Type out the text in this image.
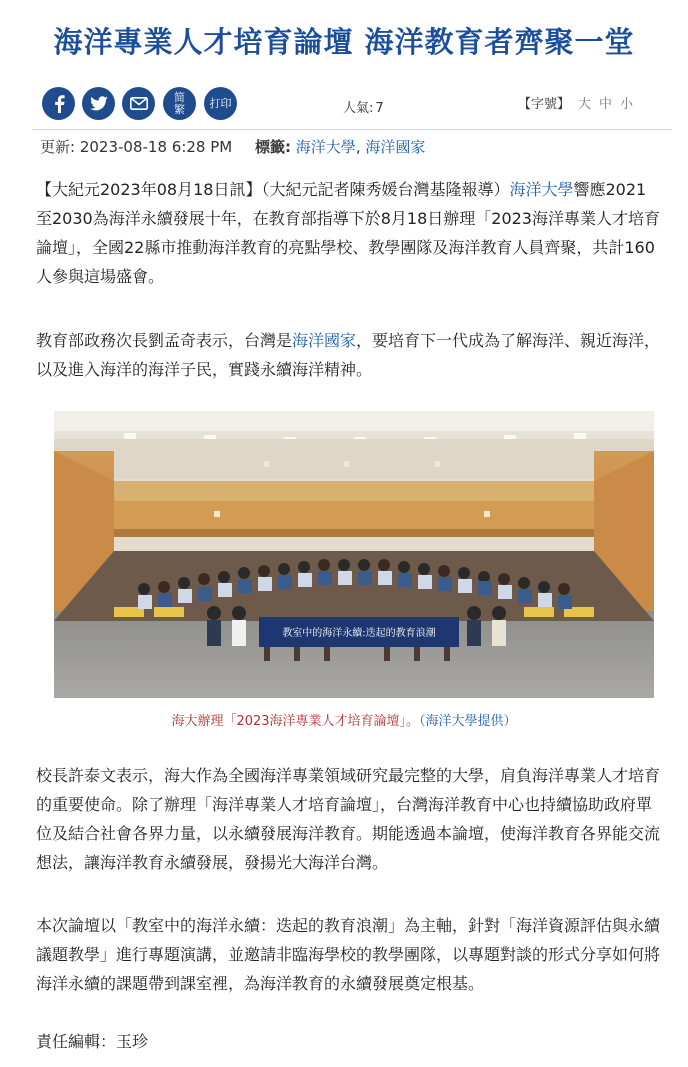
海洋專業人才培育論壇 海洋教育者齊聚一堂
简
繁 打印	人氣: 7	【字號】 大 中 小
更新: 2023-08-18 6:28 PM 標籤: 海洋大學, 海洋國家

【大紀元2023年08月18日訊】（大紀元記者陳秀媛台灣基隆報導）海洋大學響應2021至2030為海洋永續發展十年，在教育部指導下於8月18日辦理「2023海洋專業人才培育論壇」，全國22縣市推動海洋教育的亮點學校、教學團隊及海洋教育人員齊聚，共計160人參與這場盛會。

教育部政務次長劉孟奇表示，台灣是海洋國家，要培育下一代成為了解海洋、親近海洋，以及進入海洋的海洋子民，實踐永續海洋精神。

教室中的海洋永續:迭起的教育浪潮
海大辦理「2023海洋專業人才培育論壇」。（海洋大學提供）

校長許泰文表示，海大作為全國海洋專業領域研究最完整的大學，肩負海洋專業人才培育的重要使命。除了辦理「海洋專業人才培育論壇」，台灣海洋教育中心也持續協助政府單位及結合社會各界力量，以永續發展海洋教育。期能透過本論壇，使海洋教育各界能交流想法，讓海洋教育永續發展，發揚光大海洋台灣。

本次論壇以「教室中的海洋永續：迭起的教育浪潮」為主軸，針對「海洋資源評估與永續議題教學」進行專題演講，並邀請非臨海學校的教學團隊，以專題對談的形式分享如何將海洋永續的課題帶到課室裡，為海洋教育的永續發展奠定根基。

責任編輯：玉珍
